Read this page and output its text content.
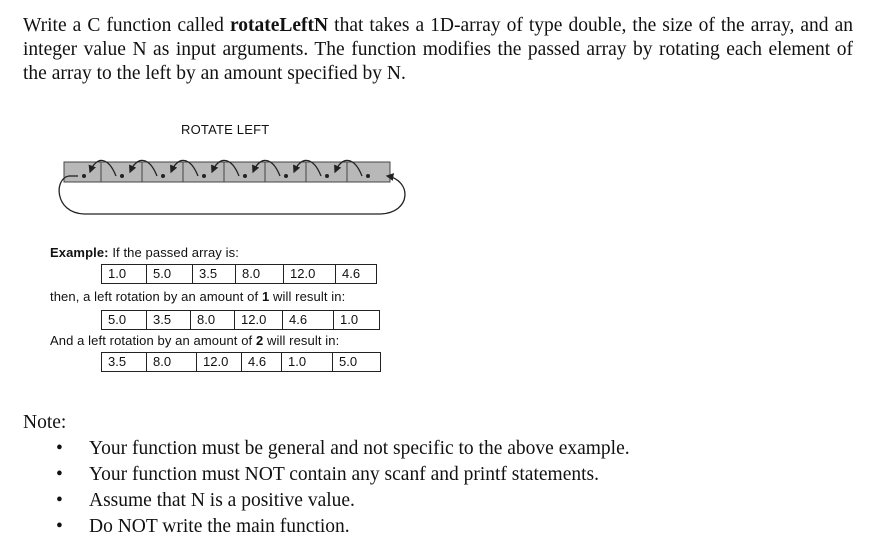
Write a C function called rotateLeftN that takes a 1D-array of type double, the size of the array, and an integer value N as input arguments. The function modifies the passed array by rotating each element of the array to the left by an amount specified by N.
ROTATE LEFT
Example: If the passed array is:
1.0	5.0	3.5	8.0	12.0	4.6
then, a left rotation by an amount of 1 will result in:
5.0	3.5	8.0	12.0	4.6	1.0
And a left rotation by an amount of 2 will result in:
3.5	8.0	12.0	4.6	1.0	5.0
Note:
• Your function must be general and not specific to the above example.
• Your function must NOT contain any scanf and printf statements.
• Assume that N is a positive value.
• Do NOT write the main function.
